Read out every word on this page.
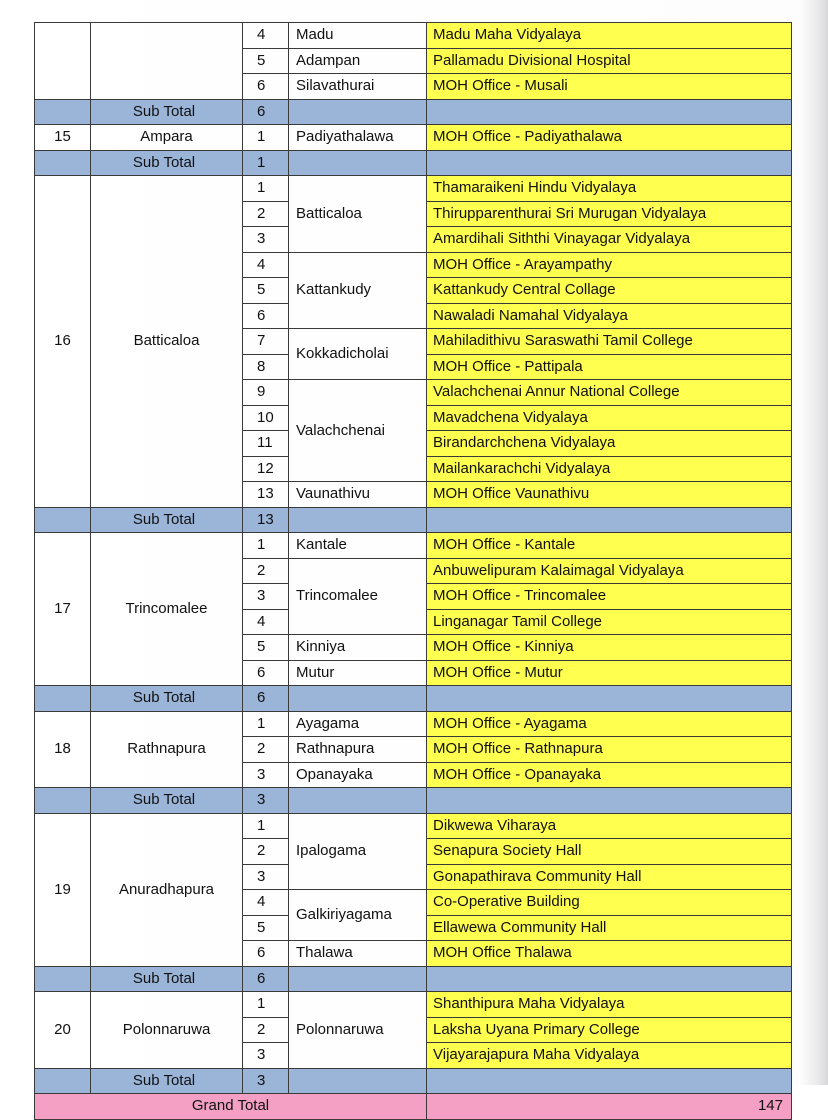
		4	Madu	Madu Maha Vidyalaya
		5	Adampan	Pallamadu Divisional Hospital
		6	Silavathurai	MOH Office - Musali
	Sub Total	6		
15	Ampara	1	Padiyathalawa	MOH Office - Padiyathalawa
	Sub Total	1		
16	Batticaloa	1	Batticaloa	Thamaraikeni Hindu Vidyalaya
		2		Thirupparenthurai Sri Murugan Vidyalaya
		3		Amardihali Siththi Vinayagar Vidyalaya
		4	Kattankudy	MOH Office - Arayampathy
		5		Kattankudy Central Collage
		6		Nawaladi Namahal Vidyalaya
		7	Kokkadicholai	Mahiladithivu Saraswathi Tamil College
		8		MOH Office - Pattipala
		9	Valachchenai	Valachchenai Annur National College
		10		Mavadchena Vidyalaya
		11		Birandarchchena Vidyalaya
		12		Mailankarachchi Vidyalaya
		13	Vaunathivu	MOH Office Vaunathivu
	Sub Total	13		
17	Trincomalee	1	Kantale	MOH Office - Kantale
		2	Trincomalee	Anbuwelipuram Kalaimagal Vidyalaya
		3		MOH Office - Trincomalee
		4		Linganagar Tamil College
		5	Kinniya	MOH Office - Kinniya
		6	Mutur	MOH Office - Mutur
	Sub Total	6		
18	Rathnapura	1	Ayagama	MOH Office - Ayagama
		2	Rathnapura	MOH Office - Rathnapura
		3	Opanayaka	MOH Office - Opanayaka
	Sub Total	3		
19	Anuradhapura	1	Ipalogama	Dikwewa Viharaya
		2		Senapura Society Hall
		3		Gonapathirava Community Hall
		4	Galkiriyagama	Co-Operative Building
		5		Ellawewa Community Hall
		6	Thalawa	MOH Office Thalawa
	Sub Total	6		
20	Polonnaruwa	1	Polonnaruwa	Shanthipura Maha Vidyalaya
		2		Laksha Uyana Primary College
		3		Vijayarajapura Maha Vidyalaya
	Sub Total	3		
Grand Total				147
